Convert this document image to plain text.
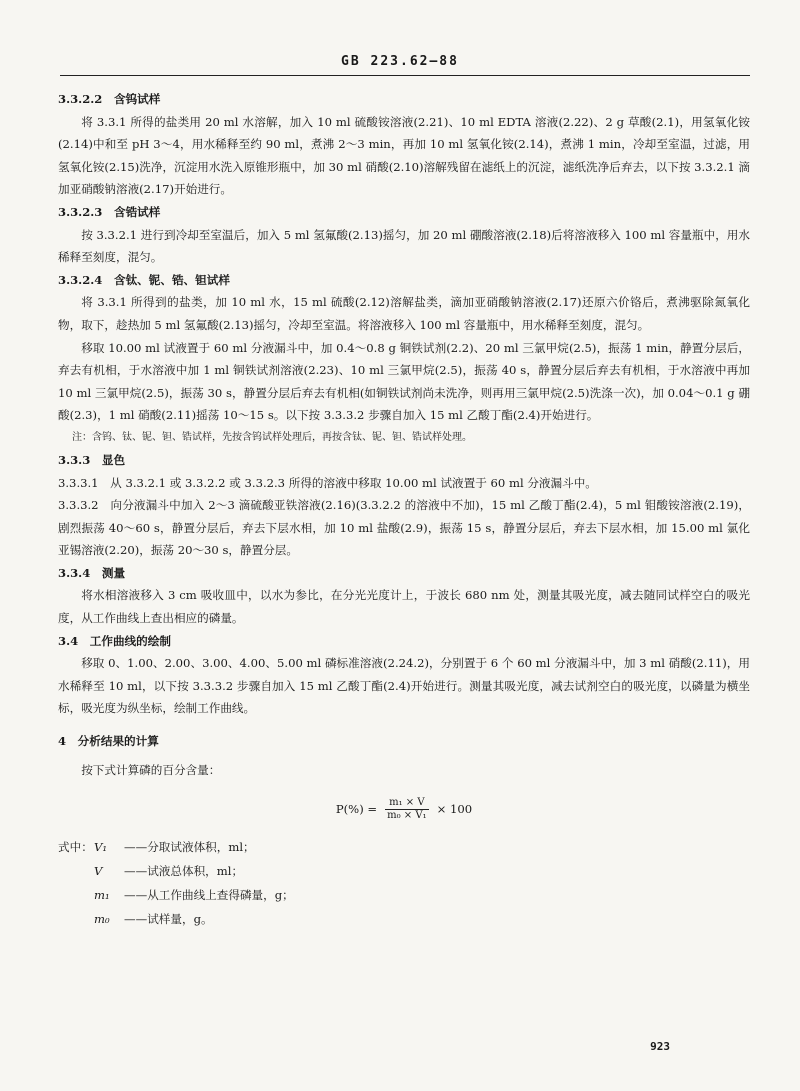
GB 223.62—88
3.3.2.2　含钨试样
将 3.3.1 所得的盐类用 20 ml 水溶解，加入 10 ml 硫酸铵溶液(2.21)、10 ml EDTA 溶液(2.22)、2 g 草酸(2.1)，用氢氧化铵(2.14)中和至 pH 3～4，用水稀释至约 90 ml，煮沸 2～3 min，再加 10 ml 氢氧化铵(2.14)，煮沸 1 min，冷却至室温，过滤，用氢氧化铵(2.15)洗净，沉淀用水洗入原锥形瓶中，加 30 ml 硝酸(2.10)溶解残留在滤纸上的沉淀，滤纸洗净后弃去，以下按 3.3.2.1 滴加亚硝酸钠溶液(2.17)开始进行。
3.3.2.3　含锆试样
按 3.3.2.1 进行到冷却至室温后，加入 5 ml 氢氟酸(2.13)摇匀，加 20 ml 硼酸溶液(2.18)后将溶液移入 100 ml 容量瓶中，用水稀释至刻度，混匀。
3.3.2.4　含钛、铌、锆、钽试样
将 3.3.1 所得到的盐类，加 10 ml 水，15 ml 硫酸(2.12)溶解盐类，滴加亚硝酸钠溶液(2.17)还原六价铬后，煮沸驱除氮氧化物，取下，趁热加 5 ml 氢氟酸(2.13)摇匀，冷却至室温。将溶液移入 100 ml 容量瓶中，用水稀释至刻度，混匀。
移取 10.00 ml 试液置于 60 ml 分液漏斗中，加 0.4～0.8 g 铜铁试剂(2.2)、20 ml 三氯甲烷(2.5)，振荡 1 min，静置分层后，弃去有机相，于水溶液中加 1 ml 铜铁试剂溶液(2.23)、10 ml 三氯甲烷(2.5)，振荡 40 s，静置分层后弃去有机相，于水溶液中再加 10 ml 三氯甲烷(2.5)，振荡 30 s，静置分层后弃去有机相(如铜铁试剂尚未洗净，则再用三氯甲烷(2.5)洗涤一次)，加 0.04～0.1 g 硼酸(2.3)，1 ml 硝酸(2.11)摇荡 10～15 s。以下按 3.3.3.2 步骤自加入 15 ml 乙酸丁酯(2.4)开始进行。
注：含钨、钛、铌、钽、锆试样，先按含钨试样处理后，再按含钛、铌、钽、锆试样处理。
3.3.3　显色
3.3.3.1　 从 3.3.2.1 或 3.3.2.2 或 3.3.2.3 所得的溶液中移取 10.00 ml 试液置于 60 ml 分液漏斗中。
3.3.3.2　 向分液漏斗中加入 2～3 滴硫酸亚铁溶液(2.16)(3.3.2.2 的溶液中不加)，15 ml 乙酸丁酯(2.4)，5 ml 钼酸铵溶液(2.19)，剧烈振荡 40～60 s，静置分层后，弃去下层水相，加 10 ml 盐酸(2.9)，振荡 15 s，静置分层后，弃去下层水相，加 15.00 ml 氯化亚锡溶液(2.20)，振荡 20～30 s，静置分层。
3.3.4　测量
将水相溶液移入 3 cm 吸收皿中，以水为参比，在分光光度计上，于波长 680 nm 处，测量其吸光度，减去随同试样空白的吸光度，从工作曲线上查出相应的磷量。
3.4　工作曲线的绘制
移取 0、1.00、2.00、3.00、4.00、5.00 ml 磷标准溶液(2.24.2)，分别置于 6 个 60 ml 分液漏斗中，加 3 ml 硝酸(2.11)，用水稀释至 10 ml，以下按 3.3.3.2 步骤自加入 15 ml 乙酸丁酯(2.4)开始进行。测量其吸光度，减去试剂空白的吸光度，以磷量为横坐标，吸光度为纵坐标，绘制工作曲线。
4　分析结果的计算
按下式计算磷的百分含量：
$P(\%) = \frac{\text{m₁ × V}}{\text{m₀ × V₁}} \times 100$
式中： V₁	——分取试液体积，ml；
V	——试液总体积，ml；
m₁	——从工作曲线上查得磷量，g；
m₀	——试样量，g。
923
